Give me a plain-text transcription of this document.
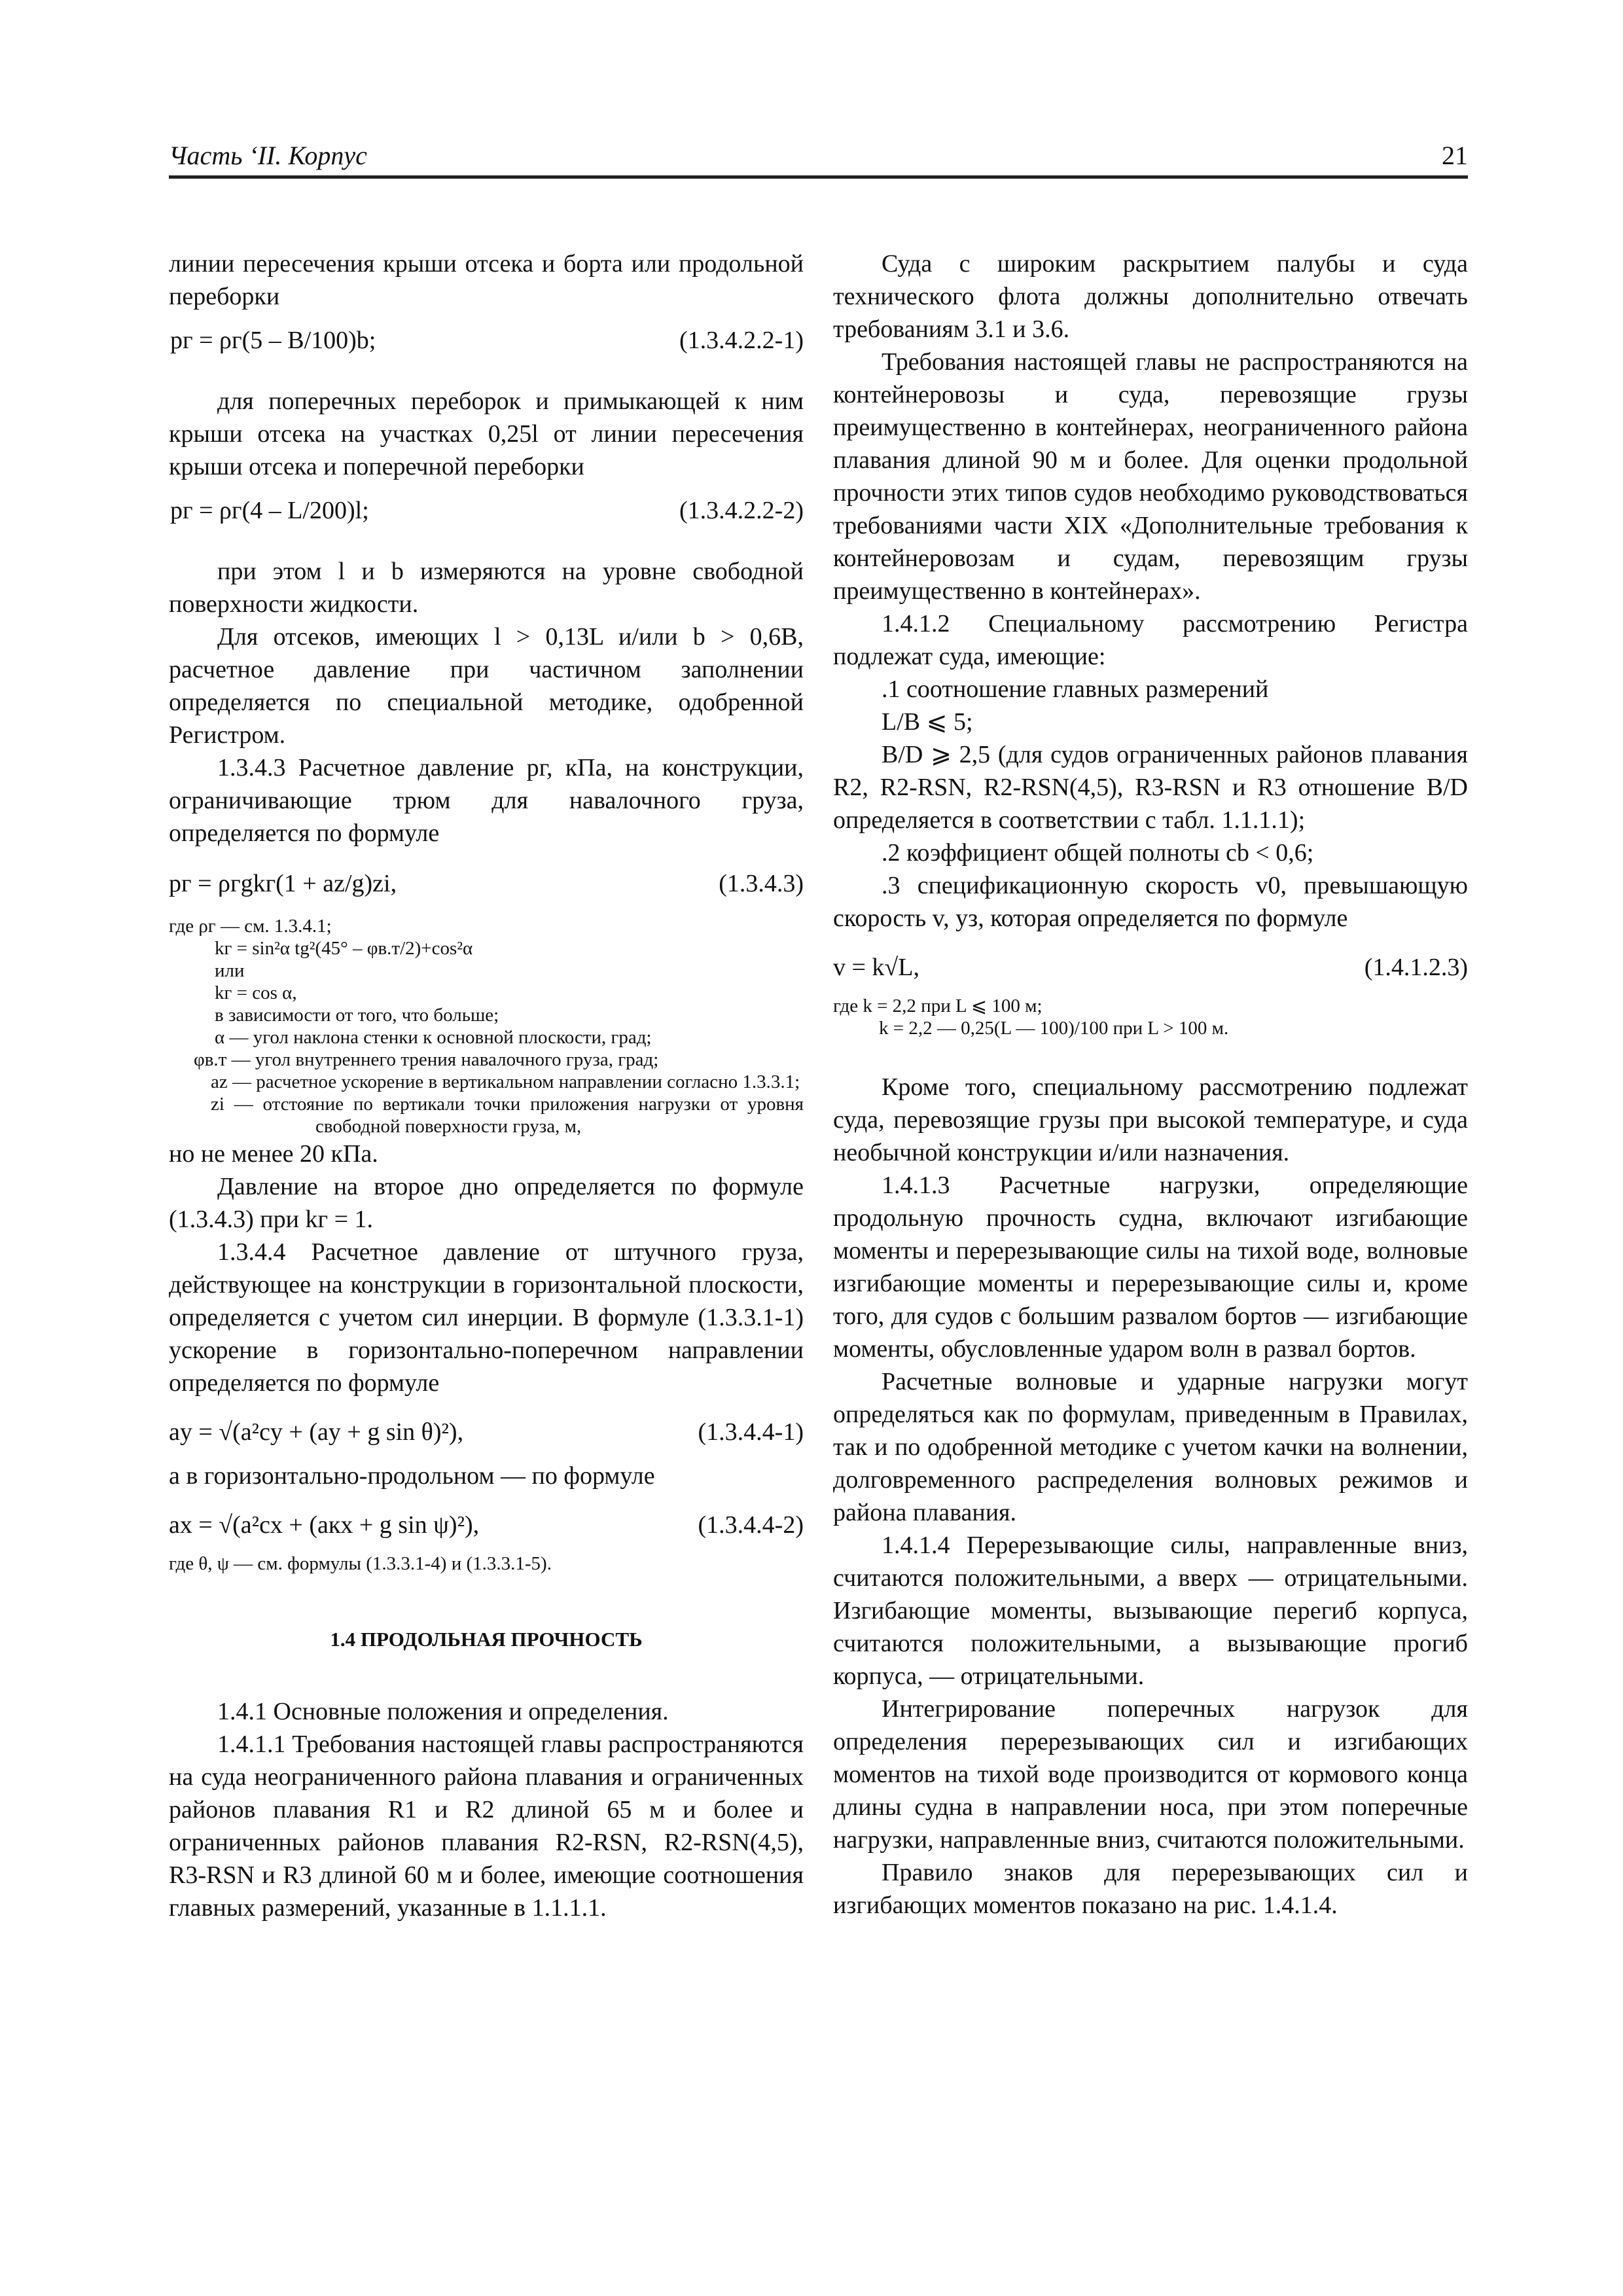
Часть ‘II. Корпус	21

линии пересечения крыши отсека и борта или продольной переборки

pг = ρг(5 – B/100)b;	(1.3.4.2.2-1)

для поперечных переборок и примыкающей к ним крыши отсека на участках 0,25l от линии пересечения крыши отсека и поперечной переборки

pг = ρг(4 – L/200)l;	(1.3.4.2.2-2)

при этом l и b измеряются на уровне свободной поверхности жидкости.

Для отсеков, имеющих l > 0,13L и/или b > 0,6B, расчетное давление при частичном заполнении определяется по специальной методике, одобренной Регистром.

1.3.4.3 Расчетное давление pг, кПа, на конструкции, ограничивающие трюм для навалочного груза, определяется по формуле

pг = ρгgkг(1 + az/g)zi,	(1.3.4.3)

где ρг — см. 1.3.4.1;

kг = sin²α tg²(45° – φв.т/2)+cos²α

или

kг = cos α,

в зависимости от того, что больше;

α — угол наклона стенки к основной плоскости, град;

φв.т — угол внутреннего трения навалочного груза, град;

az — расчетное ускорение в вертикальном направлении согласно 1.3.3.1;

zi — отстояние по вертикали точки приложения нагрузки от уровня свободной поверхности груза, м,

но не менее 20 кПа.

Давление на второе дно определяется по формуле (1.3.4.3) при kг = 1.

1.3.4.4 Расчетное давление от штучного груза, действующее на конструкции в горизонтальной плоскости, определяется с учетом сил инерции. В формуле (1.3.3.1-1) ускорение в горизонтально-поперечном направлении определяется по формуле

ay = √(a²cy + (ay + g sin θ)²),	(1.3.4.4-1)

а в горизонтально-продольном — по формуле

ax = √(a²cx + (aкx + g sin ψ)²),	(1.3.4.4-2)

где θ, ψ — см. формулы (1.3.3.1-4) и (1.3.3.1-5).

1.4 ПРОДОЛЬНАЯ ПРОЧНОСТЬ

1.4.1 Основные положения и определения.

1.4.1.1 Требования настоящей главы распространяются на суда неограниченного района плавания и ограниченных районов плавания R1 и R2 длиной 65 м и более и ограниченных районов плавания R2-RSN, R2-RSN(4,5), R3-RSN и R3 длиной 60 м и более, имеющие соотношения главных размерений, указанные в 1.1.1.1.

Суда с широким раскрытием палубы и суда технического флота должны дополнительно отвечать требованиям 3.1 и 3.6.

Требования настоящей главы не распространяются на контейнеровозы и суда, перевозящие грузы преимущественно в контейнерах, неограниченного района плавания длиной 90 м и более. Для оценки продольной прочности этих типов судов необходимо руководствоваться требованиями части XIX «Дополнительные требования к контейнеровозам и судам, перевозящим грузы преимущественно в контейнерах».

1.4.1.2 Специальному рассмотрению Регистра подлежат суда, имеющие:

.1 соотношение главных размерений

L/B ⩽ 5;

B/D ⩾ 2,5 (для судов ограниченных районов плавания R2, R2-RSN, R2-RSN(4,5), R3-RSN и R3 отношение B/D определяется в соответствии с табл. 1.1.1.1);

.2 коэффициент общей полноты cb < 0,6;

.3 спецификационную скорость v0, превышающую скорость v, уз, которая определяется по формуле

v = k√L,	(1.4.1.2.3)

где k = 2,2 при L ⩽ 100 м;

k = 2,2 — 0,25(L — 100)/100 при L > 100 м.

Кроме того, специальному рассмотрению подлежат суда, перевозящие грузы при высокой температуре, и суда необычной конструкции и/или назначения.

1.4.1.3 Расчетные нагрузки, определяющие продольную прочность судна, включают изгибающие моменты и перерезывающие силы на тихой воде, волновые изгибающие моменты и перерезывающие силы и, кроме того, для судов с большим развалом бортов — изгибающие моменты, обусловленные ударом волн в развал бортов.

Расчетные волновые и ударные нагрузки могут определяться как по формулам, приведенным в Правилах, так и по одобренной методике с учетом качки на волнении, долговременного распределения волновых режимов и района плавания.

1.4.1.4 Перерезывающие силы, направленные вниз, считаются положительными, а вверх — отрицательными. Изгибающие моменты, вызывающие перегиб корпуса, считаются положительными, а вызывающие прогиб корпуса, — отрицательными.

Интегрирование поперечных нагрузок для определения перерезывающих сил и изгибающих моментов на тихой воде производится от кормового конца длины судна в направлении носа, при этом поперечные нагрузки, направленные вниз, считаются положительными.

Правило знаков для перерезывающих сил и изгибающих моментов показано на рис. 1.4.1.4.
